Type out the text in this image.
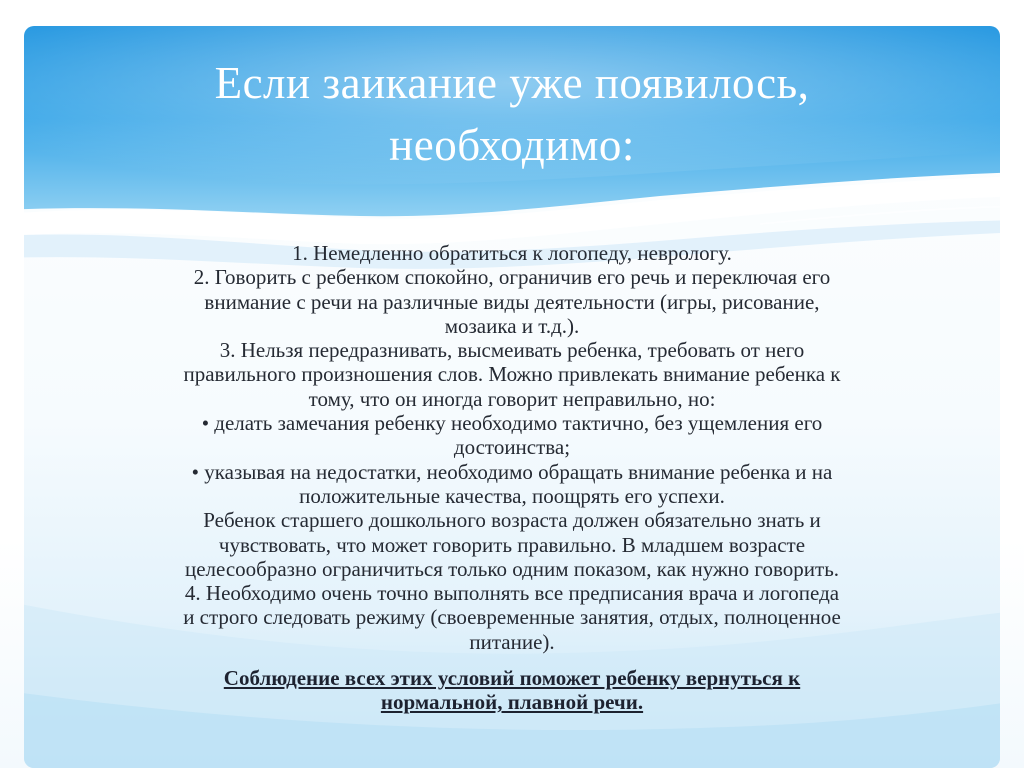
Если заикание уже появилось,
необходимо:
1. Немедленно обратиться к логопеду, неврологу.
2. Говорить с ребенком спокойно, ограничив его речь и переключая его
внимание с речи на различные виды деятельности (игры, рисование,
мозаика и т.д.).
3. Нельзя передразнивать, высмеивать ребенка, требовать от него
правильного произношения слов. Можно привлекать внимание ребенка к
тому, что он иногда говорит неправильно, но:
• делать замечания ребенку необходимо тактично, без ущемления его
достоинства;
• указывая на недостатки, необходимо обращать внимание ребенка и на
положительные качества, поощрять его успехи.
Ребенок старшего дошкольного возраста должен обязательно знать и
чувствовать, что может говорить правильно. В младшем возрасте
целесообразно ограничиться только одним показом, как нужно говорить.
4. Необходимо очень точно выполнять все предписания врача и логопеда
и строго следовать режиму (своевременные занятия, отдых, полноценное
питание).
Соблюдение всех этих условий поможет ребенку вернуться к
нормальной, плавной речи.
